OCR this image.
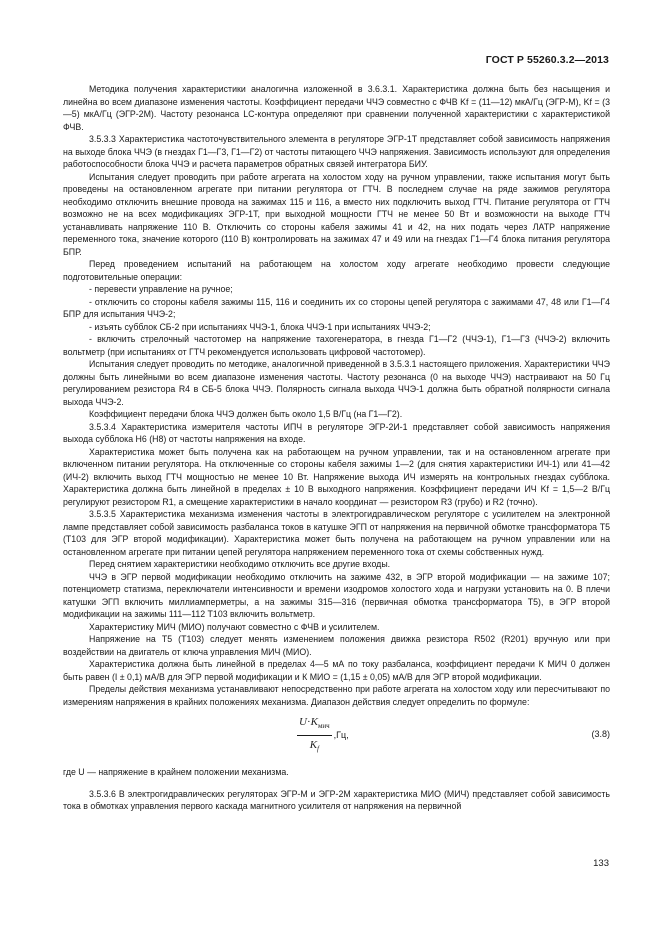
ГОСТ Р 55260.3.2—2013

Методика получения характеристики аналогична изложенной в 3.6.3.1. Характеристика должна быть без насыщения и линейна во всем диапазоне изменения частоты. Коэффициент передачи ЧЧЭ совместно с ФЧВ Kf = (11—12) мкА/Гц (ЭГР-М), Kf = (3—5) мкА/Гц (ЭГР-2М). Частоту резонанса LC-контура определяют при сравнении полученной характеристики с характеристикой ФЧВ.

3.5.3.3 Характеристика частоточувствительного элемента в регуляторе ЭГР-1Т представляет собой зависимость напряжения на выходе блока ЧЧЭ (в гнездах Г1—Г3, Г1—Г2) от частоты питающего ЧЧЭ напряжения. Зависимость используют для определения работоспособности блока ЧЧЭ и расчета параметров обратных связей интегратора БИУ.

Испытания следует проводить при работе агрегата на холостом ходу на ручном управлении, также испытания могут быть проведены на остановленном агрегате при питании регулятора от ГТЧ. В последнем случае на ряде зажимов регулятора необходимо отключить внешние провода на зажимах 115 и 116, а вместо них подключить выход ГТЧ. Питание регулятора от ГТЧ возможно не на всех модификациях ЭГР-1Т, при выходной мощности ГТЧ не менее 50 Вт и возможности на выходе ГТЧ устанавливать напряжение 110 В. Отключить со стороны кабеля зажимы 41 и 42, на них подать через ЛАТР напряжение переменного тока, значение которого (110 В) контролировать на зажимах 47 и 49 или на гнездах Г1—Г4 блока питания регулятора БПР.

Перед проведением испытаний на работающем на холостом ходу агрегате необходимо провести следующие подготовительные операции:

- перевести управление на ручное;

- отключить со стороны кабеля зажимы 115, 116 и соединить их со стороны цепей регулятора с зажимами 47, 48 или Г1—Г4 БПР для испытания ЧЧЭ-2;

- изъять субблок СБ-2 при испытаниях ЧЧЭ-1, блока ЧЧЭ-1 при испытаниях ЧЧЭ-2;

- включить стрелочный частотомер на напряжение тахогенератора, в гнезда Г1—Г2 (ЧЧЭ-1), Г1—Г3 (ЧЧЭ-2) включить вольтметр (при испытаниях от ГТЧ рекомендуется использовать цифровой частотомер).

Испытания следует проводить по методике, аналогичной приведенной в 3.5.3.1 настоящего приложения. Характеристики ЧЧЭ должны быть линейными во всем диапазоне изменения частоты. Частоту резонанса (0 на выходе ЧЧЭ) настраивают на 50 Гц регулированием резистора R4 в СБ-5 блока ЧЧЭ. Полярность сигнала выхода ЧЧЭ-1 должна быть обратной полярности сигнала выхода ЧЧЭ-2.

Коэффициент передачи блока ЧЧЭ должен быть около 1,5 В/Гц (на Г1—Г2).

3.5.3.4 Характеристика измерителя частоты ИПЧ в регуляторе ЭГР-2И-1 представляет собой зависимость напряжения выхода субблока Н6 (Н8) от частоты напряжения на входе.

Характеристика может быть получена как на работающем на ручном управлении, так и на остановленном агрегате при включенном питании регулятора. На отключенные со стороны кабеля зажимы 1—2 (для снятия характеристики ИЧ-1) или 41—42 (ИЧ-2) включить выход ГТЧ мощностью не менее 10 Вт. Напряжение выхода ИЧ измерять на контрольных гнездах субблока. Характеристика должна быть линейной в пределах ± 10 В выходного напряжения. Коэффициент передачи ИЧ Kf = 1,5—2 В/Гц регулируют резистором R1, а смещение характеристики в начало координат — резистором R3 (грубо) и R2 (точно).

3.5.3.5 Характеристика механизма изменения частоты в электрогидравлическом регуляторе с усилителем на электронной лампе представляет собой зависимость разбаланса токов в катушке ЭГП от напряжения на первичной обмотке трансформатора Т5 (Т103 для ЭГР второй модификации). Характеристика может быть получена на работающем на ручном управлении или на остановленном агрегате при питании цепей регулятора напряжением переменного тока от схемы собственных нужд.

Перед снятием характеристики необходимо отключить все другие входы.

ЧЧЭ в ЭГР первой модификации необходимо отключить на зажиме 432, в ЭГР второй модификации — на зажиме 107; потенциометр статизма, переключатели интенсивности и времени изодромов холостого хода и нагрузки установить на 0. В плечи катушки ЭГП включить миллиамперметры, а на зажимы 315—316 (первичная обмотка трансформатора Т5), в ЭГР второй модификации на зажимы 111—112 Т103 включить вольтметр.

Характеристику МИЧ (МИО) получают совместно с ФЧВ и усилителем.

Напряжение на Т5 (Т103) следует менять изменением положения движка резистора R502 (R201) вручную или при воздействии на двигатель от ключа управления МИЧ (МИО).

Характеристика должна быть линейной в пределах 4—5 мА по току разбаланса, коэффициент передачи К МИЧ 0 должен быть равен (I ± 0,1) мА/В для ЭГР первой модификации и К МИО = (1,15 ± 0,05) мА/В для ЭГР второй модификации.

Пределы действия механизма устанавливают непосредственно при работе агрегата на холостом ходу или пересчитывают по измерениям напряжения в крайних положениях механизма. Диапазон действия следует определить по формуле:

$\frac{U\cdot K_{мич}}{K_f} ,Гц$,	(3.8)

где U — напряжение в крайнем положении механизма.

3.5.3.6 В электрогидравлических регуляторах ЭГР-М и ЭГР-2М характеристика МИО (МИЧ) представляет собой зависимость тока в обмотках управления первого каскада магнитного усилителя от напряжения на первичной

133
